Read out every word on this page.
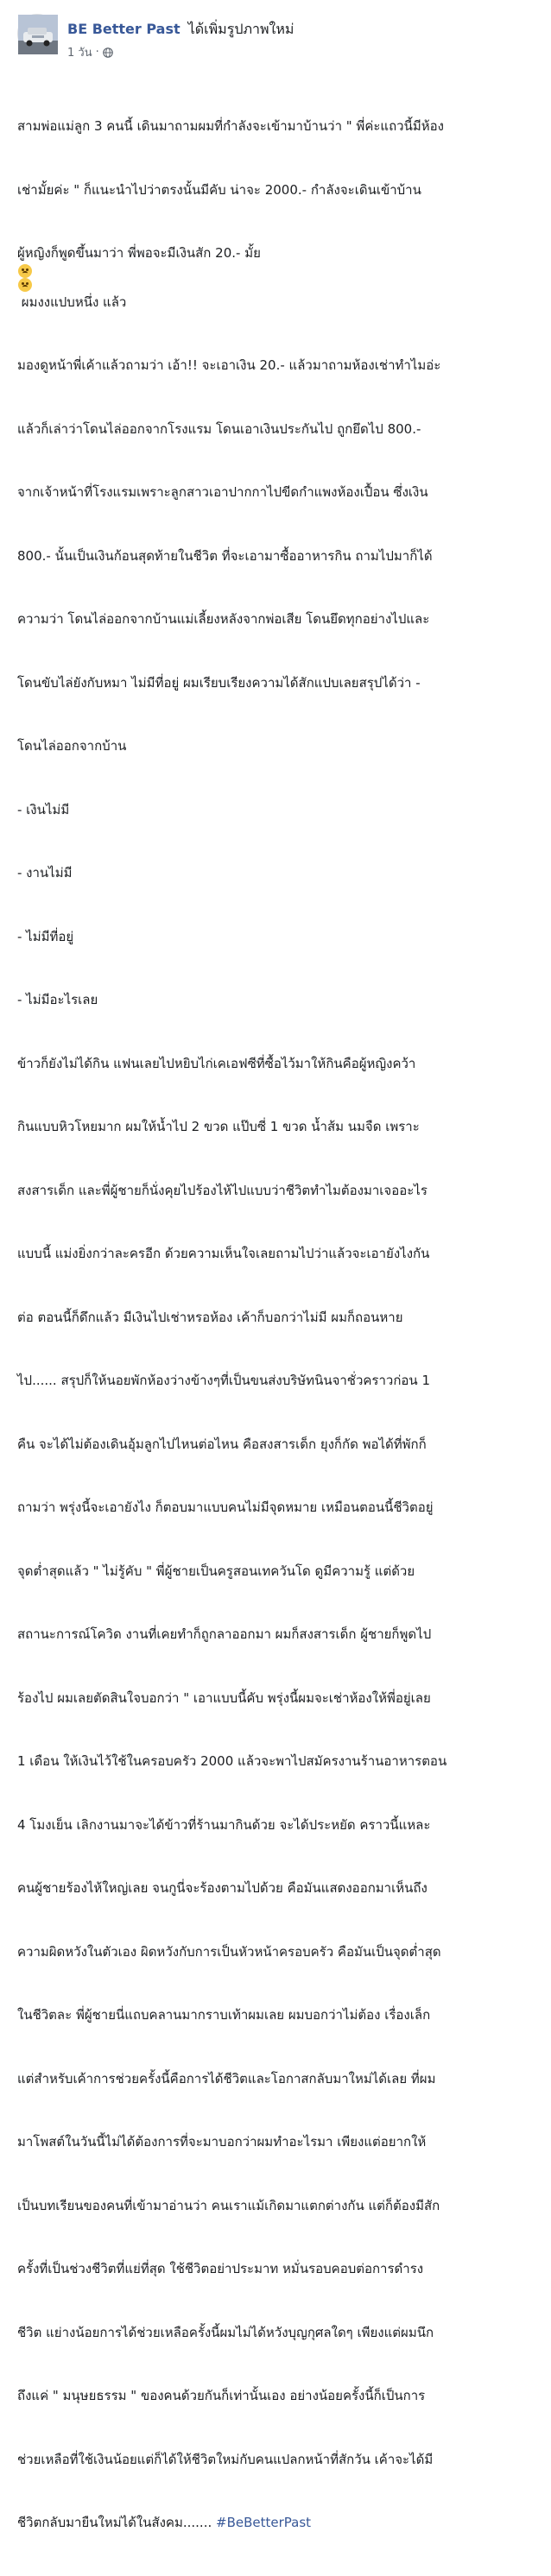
BE Better Past ได้เพิ่มรูปภาพใหม่
1 วัน ·

สามพ่อแม่ลูก 3 คนนี้ เดินมาถามผมที่กำลังจะเข้ามาบ้านว่า " พี่ค่ะแถวนี้มีห้อง

เช่ามั้ยค่ะ " ก็แนะนำไปว่าตรงนั้นมีคับ น่าจะ 2000.- กำลังจะเดินเข้าบ้าน

ผู้หญิงก็พูดขึ้นมาว่า พี่พอจะมีเงินสัก 20.- มั้ย
ผมงงแปบหนึ่ง แล้ว

มองดูหน้าพี่เค้าแล้วถามว่า เอ้า!! จะเอาเงิน 20.- แล้วมาถามห้องเช่าทำไมอ่ะ

แล้วก็เล่าว่าโดนไล่ออกจากโรงแรม โดนเอาเงินประกันไป ถูกยึดไป 800.-

จากเจ้าหน้าที่โรงแรมเพราะลูกสาวเอาปากกาไปขีดกำแพงห้องเปื้อน ซึ่งเงิน

800.- นั้นเป็นเงินก้อนสุดท้ายในชีวิต ที่จะเอามาซื้ออาหารกิน ถามไปมาก็ได้

ความว่า โดนไล่ออกจากบ้านแม่เลี้ยงหลังจากพ่อเสีย โดนยึดทุกอย่างไปและ

โดนขับไล่ยังกับหมา ไม่มีที่อยู่ ผมเรียบเรียงความได้สักแปบเลยสรุปได้ว่า -

โดนไล่ออกจากบ้าน

- เงินไม่มี

- งานไม่มี

- ไม่มีที่อยู่

- ไม่มีอะไรเลย

ข้าวก็ยังไม่ได้กิน แฟนเลยไปหยิบไก่เคเอฟซีที่ซื้อไว้มาให้กินคือผู้หญิงคว้า

กินแบบหิวโหยมาก ผมให้น้ำไป 2 ขวด แป๊บซี่ 1 ขวด น้ำส้ม นมจืด เพราะ

สงสารเด็ก และพี่ผู้ชายก็นั่งคุยไปร้องไห้ไปแบบว่าชีวิตทำไมต้องมาเจออะไร

แบบนี้ แม่งยิ่งกว่าละครอีก ด้วยความเห็นใจเลยถามไปว่าแล้วจะเอายังไงกัน

ต่อ ตอนนี้ก็ดึกแล้ว มีเงินไปเช่าหรอห้อง เค้าก็บอกว่าไม่มี ผมก็ถอนหาย

ไป...... สรุปก็ให้นอยพักห้องว่างข้างๆที่เป็นขนส่งบริษัทนินจาชั่วคราวก่อน 1

คืน จะได้ไม่ต้องเดินอุ้มลูกไปไหนต่อไหน คือสงสารเด็ก ยุงก็กัด พอได้ที่พักก็

ถามว่า พรุ่งนี้จะเอายังไง ก็ตอบมาแบบคนไม่มีจุดหมาย เหมือนตอนนี้ชีวิตอยู่

จุดต่ำสุดแล้ว " ไม่รู้คับ " พี่ผู้ชายเป็นครูสอนเทควันโด ดูมีความรู้ แต่ด้วย

สถานะการณ์โควิด งานที่เคยทำก็ถูกลาออกมา ผมก็สงสารเด็ก ผู้ชายก็พูดไป

ร้องไป ผมเลยตัดสินใจบอกว่า " เอาแบบนี้คับ พรุ่งนี้ผมจะเช่าห้องให้พี่อยู่เลย

1 เดือน ให้เงินไว้ใช้ในครอบครัว 2000 แล้วจะพาไปสมัครงานร้านอาหารตอน

4 โมงเย็น เลิกงานมาจะได้ข้าวที่ร้านมากินด้วย จะได้ประหยัด คราวนี้แหละ

คนผู้ชายร้องไห้ใหญ่เลย จนกูนี่จะร้องตามไปด้วย คือมันแสดงออกมาเห็นถึง

ความผิดหวังในตัวเอง ผิดหวังกับการเป็นหัวหน้าครอบครัว คือมันเป็นจุดต่ำสุด

ในชีวิตละ พี่ผู้ชายนี่แถบคลานมากราบเท้าผมเลย ผมบอกว่าไม่ต้อง เรื่องเล็ก

แต่สำหรับเค้าการช่วยครั้งนี้คือการได้ชีวิตและโอกาสกลับมาใหม่ได้เลย ที่ผม

มาโพสต์ในวันนี้ไม่ได้ต้องการที่จะมาบอกว่าผมทำอะไรมา เพียงแต่อยากให้

เป็นบทเรียนของคนที่เข้ามาอ่านว่า คนเราแม้เกิดมาแตกต่างกัน แต่ก็ต้องมีสัก

ครั้งที่เป็นช่วงชีวิตที่แย่ที่สุด ใช้ชีวิตอย่าประมาท หมั่นรอบคอบต่อการดำรง

ชีวิต แย่างน้อยการได้ช่วยเหลือครั้งนี้ผมไม่ได้หวังบุญกุศลใดๆ เพียงแต่ผมนึก

ถึงแค่ " มนุษยธรรม " ของคนด้วยกันก็เท่านั้นเอง อย่างน้อยครั้งนี้ก็เป็นการ

ช่วยเหลือที่ใช้เงินน้อยแต่ก็ได้ให้ชีวิตใหม่กับคนแปลกหน้าที่สักวัน เค้าจะได้มี

ชีวิตกลับมายืนใหม่ได้ในสังคม....... #BeBetterPast
